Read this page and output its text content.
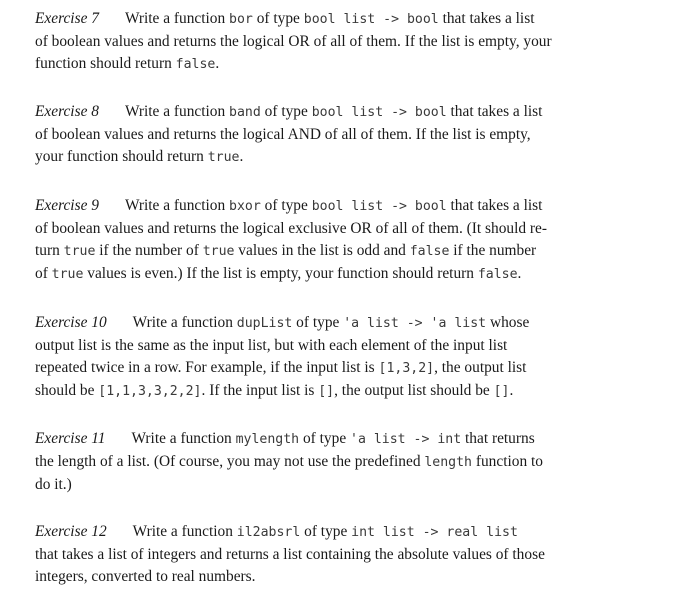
Exercise 7 Write a function bor of type bool list -> bool that takes a list
of boolean values and returns the logical OR of all of them. If the list is empty, your
function should return false.
Exercise 8 Write a function band of type bool list -> bool that takes a list
of boolean values and returns the logical AND of all of them. If the list is empty,
your function should return true.
Exercise 9 Write a function bxor of type bool list -> bool that takes a list
of boolean values and returns the logical exclusive OR of all of them. (It should re-
turn true if the number of true values in the list is odd and false if the number
of true values is even.) If the list is empty, your function should return false.
Exercise 10 Write a function dupList of type 'a list -> 'a list whose
output list is the same as the input list, but with each element of the input list
repeated twice in a row. For example, if the input list is [1,3,2], the output list
should be [1,1,3,3,2,2]. If the input list is [], the output list should be [].
Exercise 11 Write a function mylength of type 'a list -> int that returns
the length of a list. (Of course, you may not use the predefined length function to
do it.)
Exercise 12 Write a function il2absrl of type int list -> real list
that takes a list of integers and returns a list containing the absolute values of those
integers, converted to real numbers.
